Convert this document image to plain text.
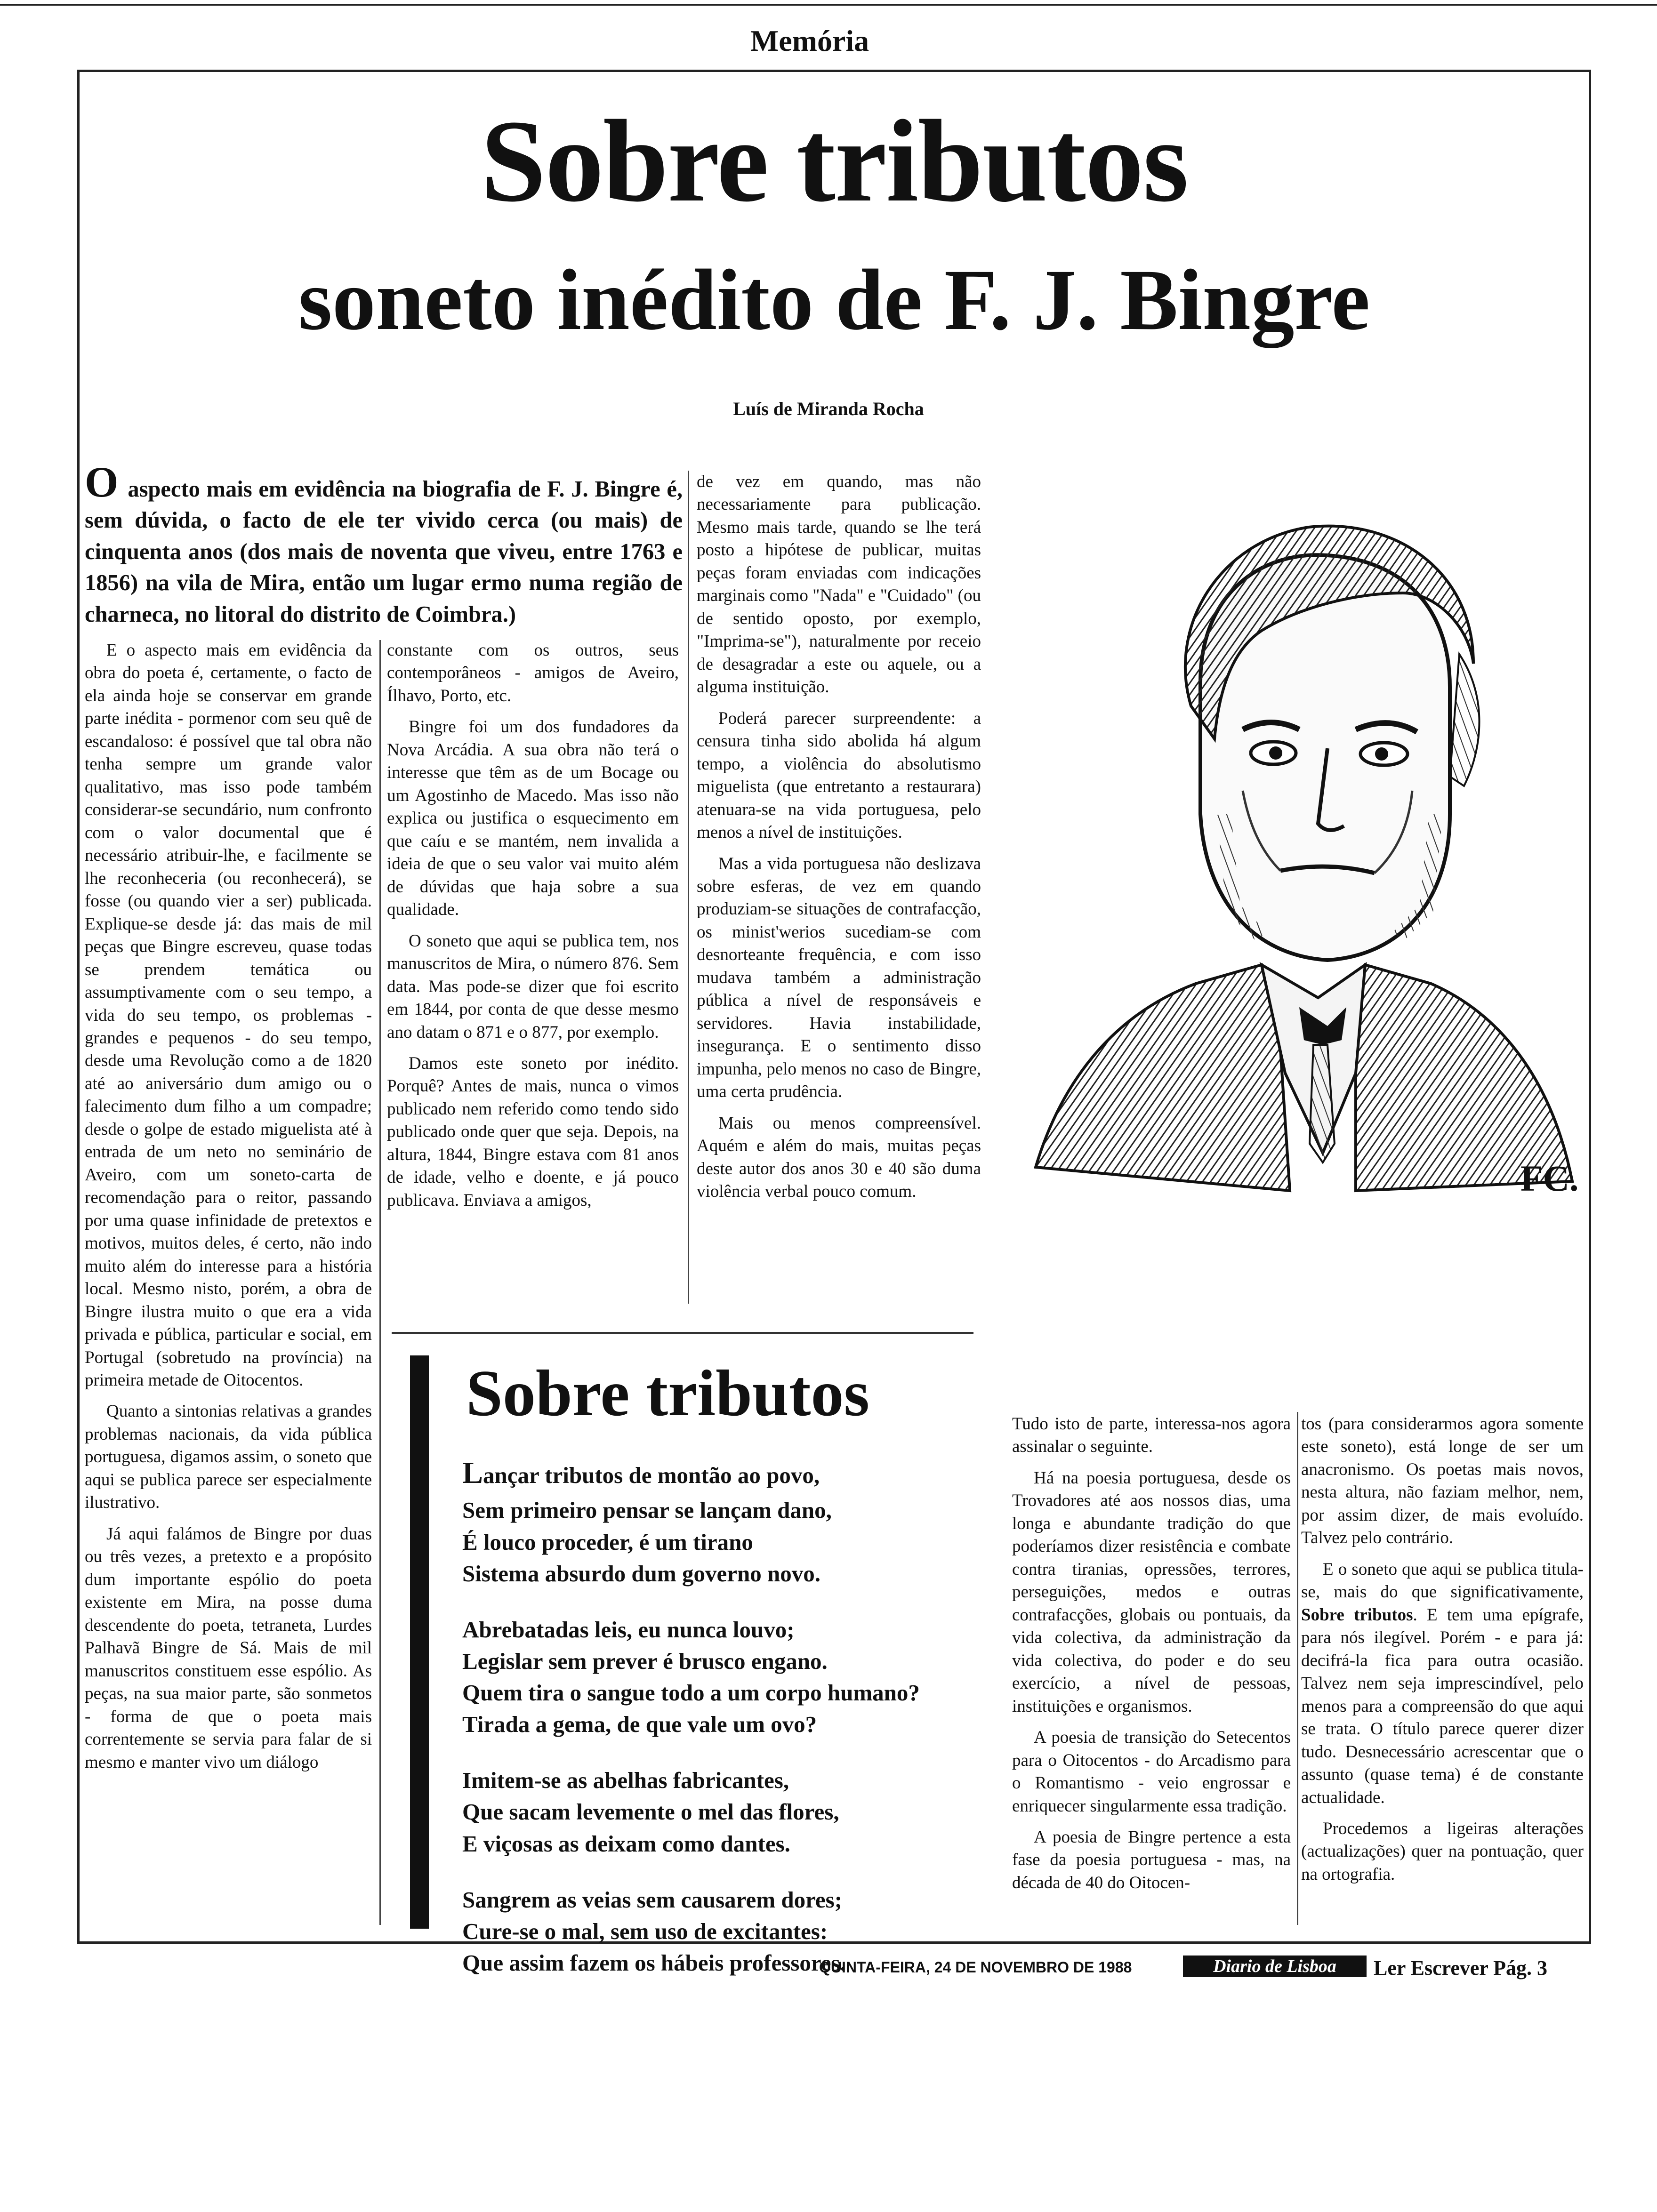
Memória
Sobre tributos
soneto inédito de F. J. Bingre
Luís de Miranda Rocha
O aspecto mais em evidência na biografia de F. J. Bingre é, sem dúvida, o facto de ele ter vivido cerca (ou mais) de cinquenta anos (dos mais de noventa que viveu, entre 1763 e 1856) na vila de Mira, então um lugar ermo numa região de charneca, no litoral do distrito de Coimbra.)

E o aspecto mais em evidência da obra do poeta é, certamente, o facto de ela ainda hoje se conservar em grande parte inédita - pormenor com seu quê de escandaloso: é possível que tal obra não tenha sempre um grande valor qualitativo, mas isso pode também considerar-se secundário, num confronto com o valor documental que é necessário atribuir-lhe, e facilmente se lhe reconheceria (ou reconhecerá), se fosse (ou quando vier a ser) publicada. Explique-se desde já: das mais de mil peças que Bingre escreveu, quase todas se prendem temática ou assumptivamente com o seu tempo, a vida do seu tempo, os problemas -grandes e pequenos - do seu tempo, desde uma Revolução como a de 1820 até ao aniversário dum amigo ou o falecimento dum filho a um compadre; desde o golpe de estado miguelista até à entrada de um neto no seminário de Aveiro, com um soneto-carta de recomendação para o reitor, passando por uma quase infinidade de pretextos e motivos, muitos deles, é certo, não indo muito além do interesse para a história local. Mesmo nisto, porém, a obra de Bingre ilustra muito o que era a vida privada e pública, particular e social, em Portugal (sobretudo na província) na primeira metade de Oitocentos.

Quanto a sintonias relativas a grandes problemas nacionais, da vida pública portuguesa, digamos assim, o soneto que aqui se publica parece ser especialmente ilustrativo.

Já aqui falámos de Bingre por duas ou três vezes, a pretexto e a propósito dum importante espólio do poeta existente em Mira, na posse duma descendente do poeta, tetraneta, Lurdes Palhavã Bingre de Sá. Mais de mil manuscritos constituem esse espólio. As peças, na sua maior parte, são sonmetos - forma de que o poeta mais correntemente se servia para falar de si mesmo e manter vivo um diálogo

constante com os outros, seus contemporâneos - amigos de Aveiro, Ílhavo, Porto, etc.

Bingre foi um dos fundadores da Nova Arcádia. A sua obra não terá o interesse que têm as de um Bocage ou um Agostinho de Macedo. Mas isso não explica ou justifica o esquecimento em que caíu e se mantém, nem invalida a ideia de que o seu valor vai muito além de dúvidas que haja sobre a sua qualidade.

O soneto que aqui se publica tem, nos manuscritos de Mira, o número 876. Sem data. Mas pode-se dizer que foi escrito em 1844, por conta de que desse mesmo ano datam o 871 e o 877, por exemplo.

Damos este soneto por inédito. Porquê? Antes de mais, nunca o vimos publicado nem referido como tendo sido publicado onde quer que seja. Depois, na altura, 1844, Bingre estava com 81 anos de idade, velho e doente, e já pouco publicava. Enviava a amigos,

de vez em quando, mas não necessariamente para publicação. Mesmo mais tarde, quando se lhe terá posto a hipótese de publicar, muitas peças foram enviadas com indicações marginais como "Nada" e "Cuidado" (ou de sentido oposto, por exemplo, "Imprima-se"), naturalmente por receio de desagradar a este ou aquele, ou a alguma instituição.

Poderá parecer surpreendente: a censura tinha sido abolida há algum tempo, a violência do absolutismo miguelista (que entretanto a restaurara) atenuara-se na vida portuguesa, pelo menos a nível de instituições.

Mas a vida portuguesa não deslizava sobre esferas, de vez em quando produziam-se situações de contrafacção, os minist'werios sucediam-se com desnorteante frequência, e com isso mudava também a administração pública a nível de responsáveis e servidores. Havia instabilidade, insegurança. E o sentimento disso impunha, pelo menos no caso de Bingre, uma certa prudência.

Mais ou menos compreensível. Aquém e além do mais, muitas peças deste autor dos anos 30 e 40 são duma violência verbal pouco comum.	FC.
Sobre tributos
Lançar tributos de montão ao povo,
Sem primeiro pensar se lançam dano,
É louco proceder, é um tirano
Sistema absurdo dum governo novo.
Abrebatadas leis, eu nunca louvo;
Legislar sem prever é brusco engano.
Quem tira o sangue todo a um corpo humano?
Tirada a gema, de que vale um ovo?
Imitem-se as abelhas fabricantes,
Que sacam levemente o mel das flores,
E viçosas as deixam como dantes.
Sangrem as veias sem causarem dores;
Cure-se o mal, sem uso de excitantes:
Que assim fazem os hábeis professores.

Tudo isto de parte, interessa-nos agora assinalar o seguinte.

Há na poesia portuguesa, desde os Trovadores até aos nossos dias, uma longa e abundante tradição do que poderíamos dizer resistência e combate contra tiranias, opressões, terrores, perseguições, medos e outras contrafacções, globais ou pontuais, da vida colectiva, da administração da vida colectiva, do poder e do seu exercício, a nível de pessoas, instituições e organismos.

A poesia de transição do Setecentos para o Oitocentos - do Arcadismo para o Romantismo - veio engrossar e enriquecer singularmente essa tradição.

A poesia de Bingre pertence a esta fase da poesia portuguesa - mas, na década de 40 do Oitocen-

tos (para considerarmos agora somente este soneto), está longe de ser um anacronismo. Os poetas mais novos, nesta altura, não faziam melhor, nem, por assim dizer, de mais evoluído. Talvez pelo contrário.

E o soneto que aqui se publica titula-se, mais do que significativamente, Sobre tributos. E tem uma epígrafe, para nós ilegível. Porém - e para já: decifrá-la fica para outra ocasião. Talvez nem seja imprescindível, pelo menos para a compreensão do que aqui se trata. O título parece querer dizer tudo. Desnecessário acrescentar que o assunto (quase tema) é de constante actualidade.

Procedemos a ligeiras alterações (actualizações) quer na pontuação, quer na ortografia.

QUINTA-FEIRA, 24 DE NOVEMBRO DE 1988	Diario de Lisboa	Ler Escrever Pág. 3
